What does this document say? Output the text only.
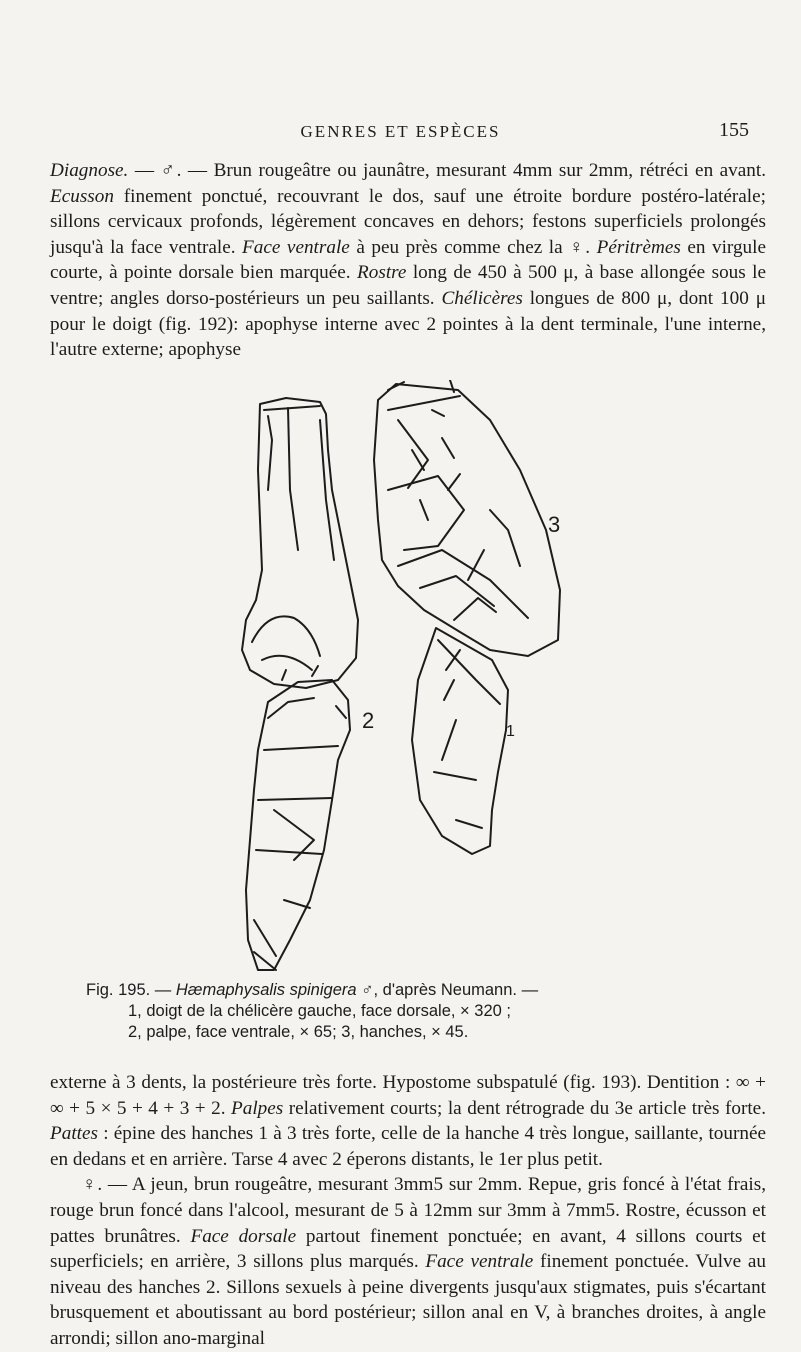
GENRES ET ESPÈCES	155

Diagnose. — ♂. — Brun rougeâtre ou jaunâtre, mesurant 4mm sur 2mm, rétréci en avant. Ecusson finement ponctué, recouvrant le dos, sauf une étroite bordure postéro-latérale; sillons cervicaux profonds, légèrement concaves en dehors; festons superficiels prolongés jusqu'à la face ventrale. Face ventrale à peu près comme chez la ♀. Péritrèmes en virgule courte, à pointe dorsale bien marquée. Rostre long de 450 à 500 μ, à base allongée sous le ventre; angles dorso-postérieurs un peu saillants. Chélicères longues de 800 μ, dont 100 μ pour le doigt (fig. 192): apophyse interne avec 2 pointes à la dent terminale, l'une interne, l'autre externe; apophyse

3
2	1

Fig. 195. — Hæmaphysalis spinigera ♂, d'après Neumann. —

1, doigt de la chélicère gauche, face dorsale, × 320 ;

2, palpe, face ventrale, × 65; 3, hanches, × 45.

externe à 3 dents, la postérieure très forte. Hypostome subspatulé (fig. 193). Dentition : ∞ + ∞ + 5 × 5 + 4 + 3 + 2. Palpes relativement courts; la dent rétrograde du 3e article très forte. Pattes : épine des hanches 1 à 3 très forte, celle de la hanche 4 très longue, saillante, tournée en dedans et en arrière. Tarse 4 avec 2 éperons distants, le 1er plus petit.

♀. — A jeun, brun rougeâtre, mesurant 3mm5 sur 2mm. Repue, gris foncé à l'état frais, rouge brun foncé dans l'alcool, mesurant de 5 à 12mm sur 3mm à 7mm5. Rostre, écusson et pattes brunâtres. Face dorsale partout finement ponctuée; en avant, 4 sillons courts et superficiels; en arrière, 3 sillons plus marqués. Face ventrale finement ponctuée. Vulve au niveau des hanches 2. Sillons sexuels à peine divergents jusqu'aux stigmates, puis s'écartant brusquement et aboutissant au bord postérieur; sillon anal en V, à branches droites, à angle arrondi; sillon ano-marginal
